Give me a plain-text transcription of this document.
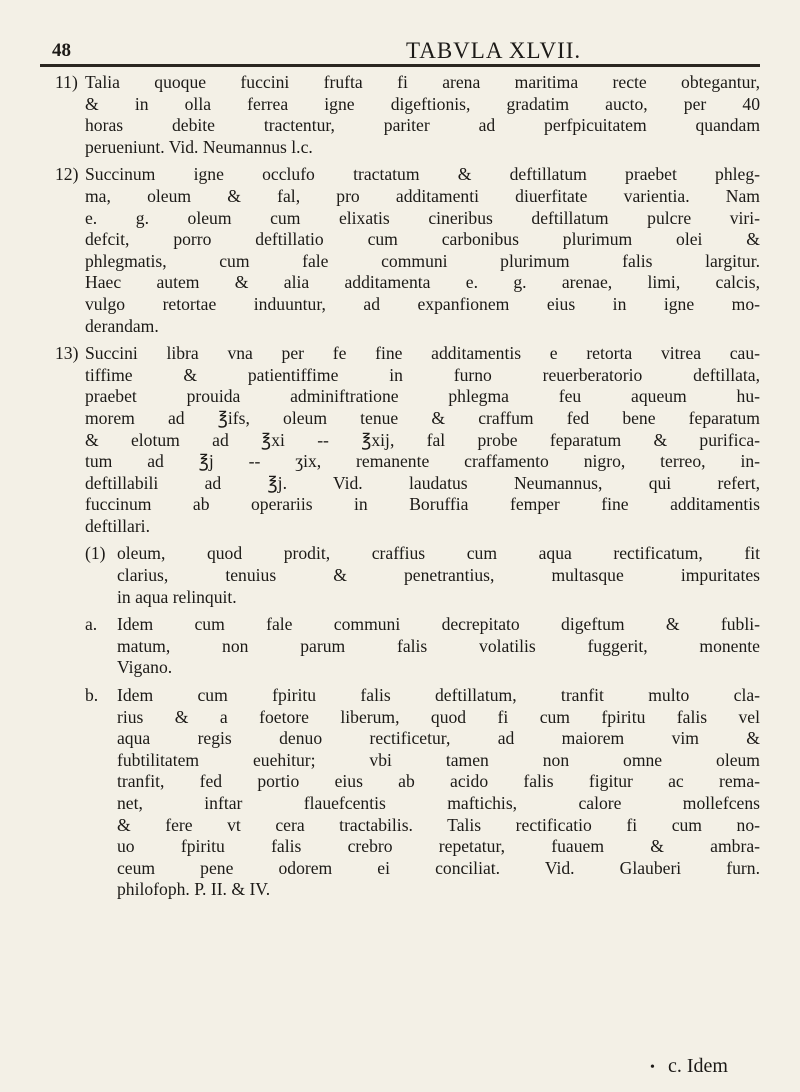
48	TABVLA XLVII.
11) Talia quoque fuccini frufta fi arena maritima recte obtegantur,
& in olla ferrea igne digeftionis, gradatim aucto, per 40
horas debite tractentur, pariter ad perfpicuitatem quandam
perueniunt. Vid. Neumannus l.c.
12) Succinum igne occlufo tractatum & deftillatum praebet phleg-
ma, oleum & fal, pro additamenti diuerfitate varientia. Nam
e. g. oleum cum elixatis cineribus deftillatum pulcre viri-
defcit, porro deftillatio cum carbonibus plurimum olei &
phlegmatis, cum fale communi plurimum falis largitur.
Haec autem & alia additamenta e. g. arenae, limi, calcis,
vulgo retortae induuntur, ad expanfionem eius in igne mo-
derandam.
13) Succini libra vna per fe fine additamentis e retorta vitrea cau-
tiffime & patientiffime in furno reuerberatorio deftillata,
praebet prouida adminiftratione phlegma feu aqueum hu-
morem ad ℥ifs, oleum tenue & craffum fed bene feparatum
& elotum ad ℥xi -- ℥xij, fal probe feparatum & purifica-
tum ad ℥j -- ʒix, remanente craffamento nigro, terreo, in-
deftillabili ad ℥j. Vid. laudatus Neumannus, qui refert,
fuccinum ab operariis in Boruffia femper fine additamentis
deftillari.
(1) oleum, quod prodit, craffius cum aqua rectificatum, fit
clarius, tenuius & penetrantius, multasque impuritates
in aqua relinquit.
a.	Idem cum fale communi decrepitato digeftum & fubli-
matum, non parum falis volatilis fuggerit, monente
Vigano.
b.	Idem cum fpiritu falis deftillatum, tranfit multo cla-
rius & a foetore liberum, quod fi cum fpiritu falis vel
aqua regis denuo rectificetur, ad maiorem vim &
fubtilitatem euehitur; vbi tamen non omne oleum
tranfit, fed portio eius ab acido falis figitur ac rema-
net, inftar flauefcentis maftichis, calore mollefcens
& fere vt cera tractabilis. Talis rectificatio fi cum no-
uo fpiritu falis crebro repetatur, fuauem & ambra-
ceum pene odorem ei conciliat. Vid. Glauberi furn.
philofoph. P. II. & IV.
• c. Idem
